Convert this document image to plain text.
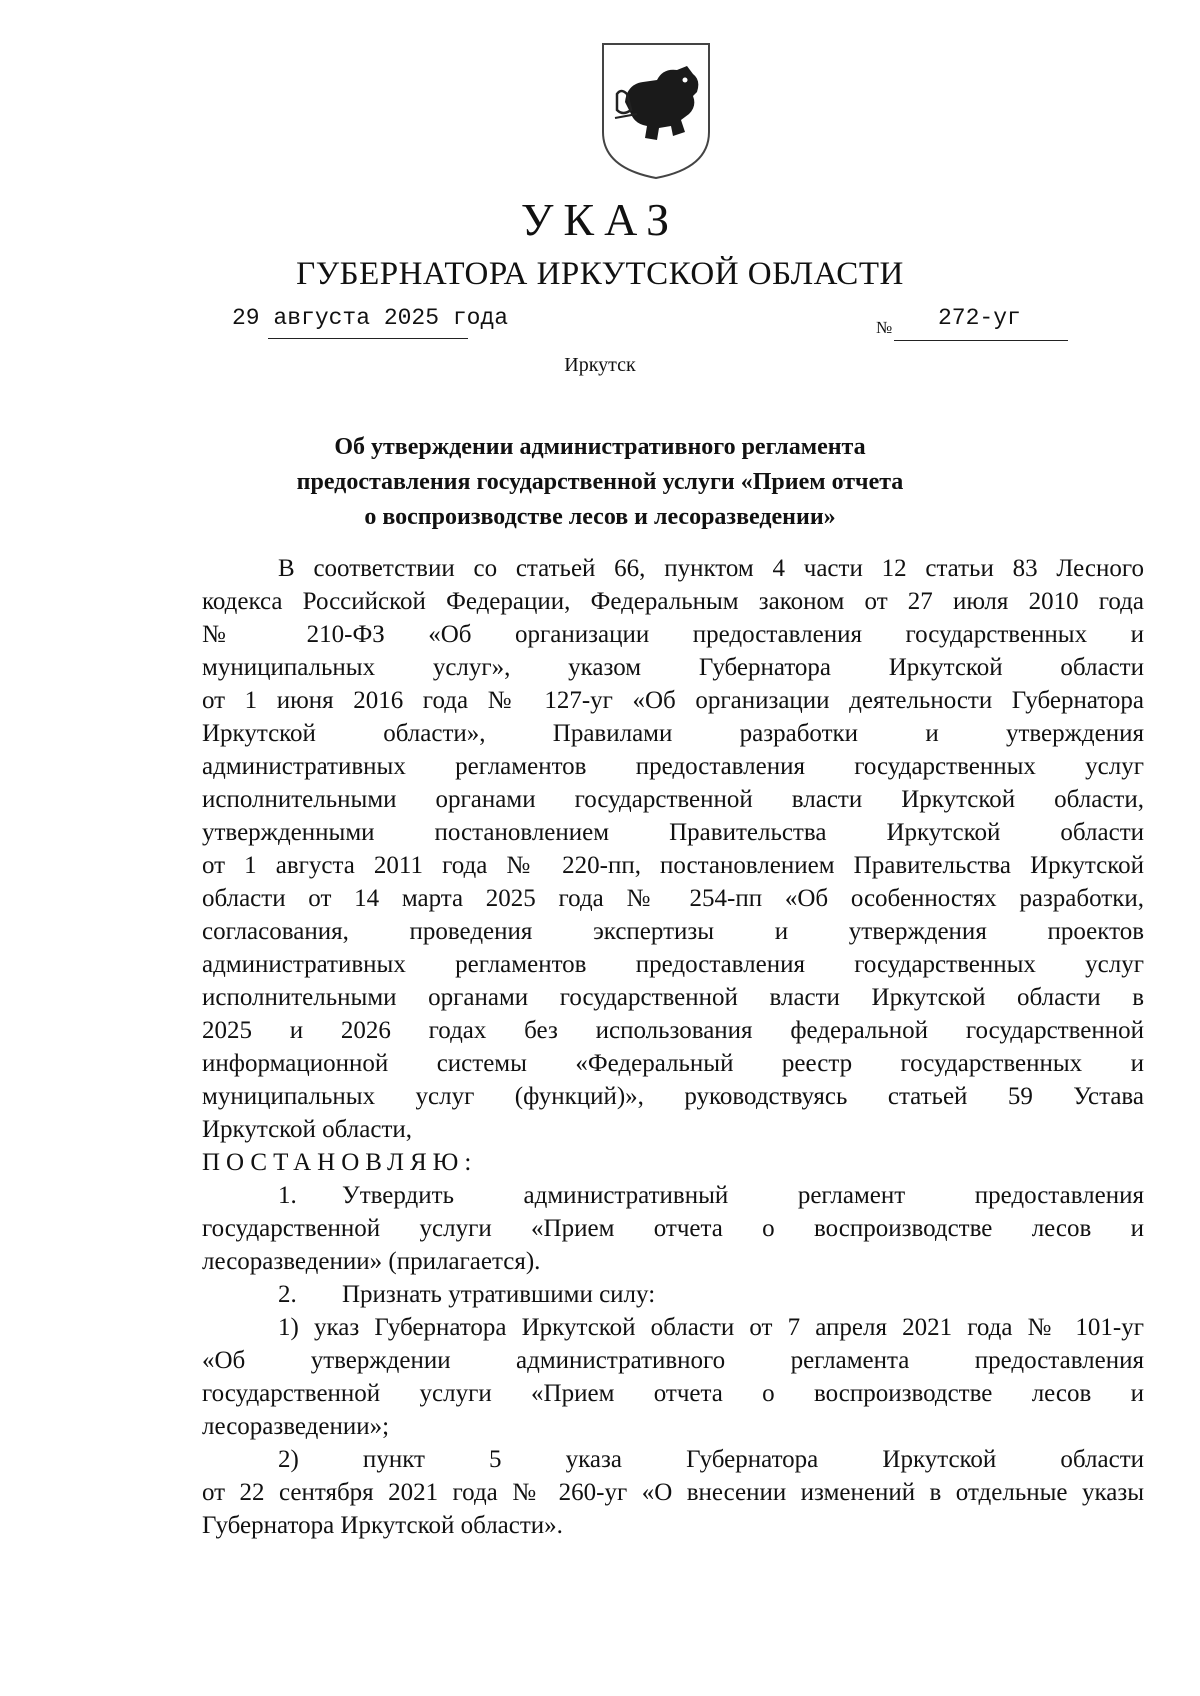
УКАЗ
ГУБЕРНАТОРА ИРКУТСКОЙ ОБЛАСТИ
29 августа 2025 года	№ 272-уг
Иркутск
Об утверждении административного регламента
предоставления государственной услуги «Прием отчета
о воспроизводстве лесов и лесоразведении»
В соответствии со статьей 66, пунктом 4 части 12 статьи 83 Лесного
кодекса Российской Федерации, Федеральным законом от 27 июля 2010 года
№ 210-ФЗ «Об организации предоставления государственных и
муниципальных услуг», указом Губернатора Иркутской области
от 1 июня 2016 года № 127-уг «Об организации деятельности Губернатора
Иркутской области», Правилами разработки и утверждения
административных регламентов предоставления государственных услуг
исполнительными органами государственной власти Иркутской области,
утвержденными постановлением Правительства Иркутской области
от 1 августа 2011 года № 220-пп, постановлением Правительства Иркутской
области от 14 марта 2025 года № 254-пп «Об особенностях разработки,
согласования, проведения экспертизы и утверждения проектов
административных регламентов предоставления государственных услуг
исполнительными органами государственной власти Иркутской области в
2025 и 2026 годах без использования федеральной государственной
информационной системы «Федеральный реестр государственных и
муниципальных услуг (функций)», руководствуясь статьей 59 Устава
Иркутской области,
ПОСТАНОВЛЯЮ:
1. Утвердить административный регламент предоставления
государственной услуги «Прием отчета о воспроизводстве лесов и
лесоразведении» (прилагается).
2. Признать утратившими силу:
1) указ Губернатора Иркутской области от 7 апреля 2021 года № 101-уг
«Об утверждении административного регламента предоставления
государственной услуги «Прием отчета о воспроизводстве лесов и
лесоразведении»;
2) пункт 5 указа Губернатора Иркутской области
от 22 сентября 2021 года № 260-уг «О внесении изменений в отдельные указы
Губернатора Иркутской области».
